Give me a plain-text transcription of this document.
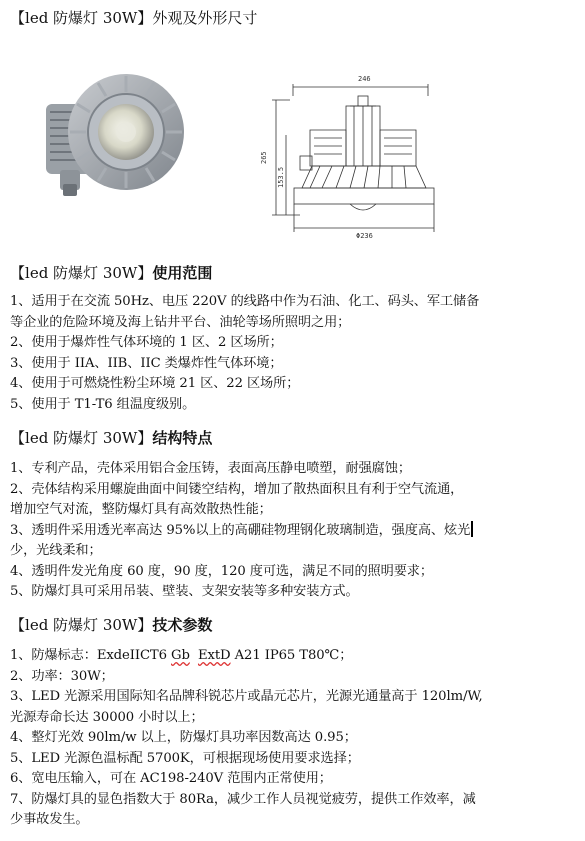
【led 防爆灯 30W】外观及外形尺寸
246
265
153.5
Φ236
【led 防爆灯 30W】使用范围
1、适用于在交流 50Hz、电压 220V 的线路中作为石油、化工、码头、军工储备
等企业的危险环境及海上钻井平台、油轮等场所照明之用；
2、使用于爆炸性气体环境的 1 区、2 区场所；
3、使用于 IIA、IIB、IIC 类爆炸性气体环境；
4、使用于可燃烧性粉尘环境 21 区、22 区场所；
5、使用于 T1-T6 组温度级别。
【led 防爆灯 30W】结构特点
1、专利产品，壳体采用铝合金压铸，表面高压静电喷塑，耐强腐蚀；
2、壳体结构采用螺旋曲面中间镂空结构，增加了散热面积且有利于空气流通，
增加空气对流，整防爆灯具有高效散热性能；
3、透明件采用透光率高达 95%以上的高硼硅物理钢化玻璃制造，强度高、炫光
少，光线柔和；
4、透明件发光角度 60 度，90 度，120 度可选，满足不同的照明要求；
5、防爆灯具可采用吊装、壁装、支架安装等多种安装方式。
【led 防爆灯 30W】技术参数
1、防爆标志：ExdeIICT6 Gb ExtD A21 IP65 T80℃；
2、功率：30W；
3、LED 光源采用国际知名品牌科锐芯片或晶元芯片，光源光通量高于 120lm/W,
光源寿命长达 30000 小时以上；
4、整灯光效 90lm/w 以上，防爆灯具功率因数高达 0.95；
5、LED 光源色温标配 5700K，可根据现场使用要求选择；
6、宽电压输入，可在 AC198-240V 范围内正常使用；
7、防爆灯具的显色指数大于 80Ra，减少工作人员视觉疲劳，提供工作效率，减
少事故发生。
